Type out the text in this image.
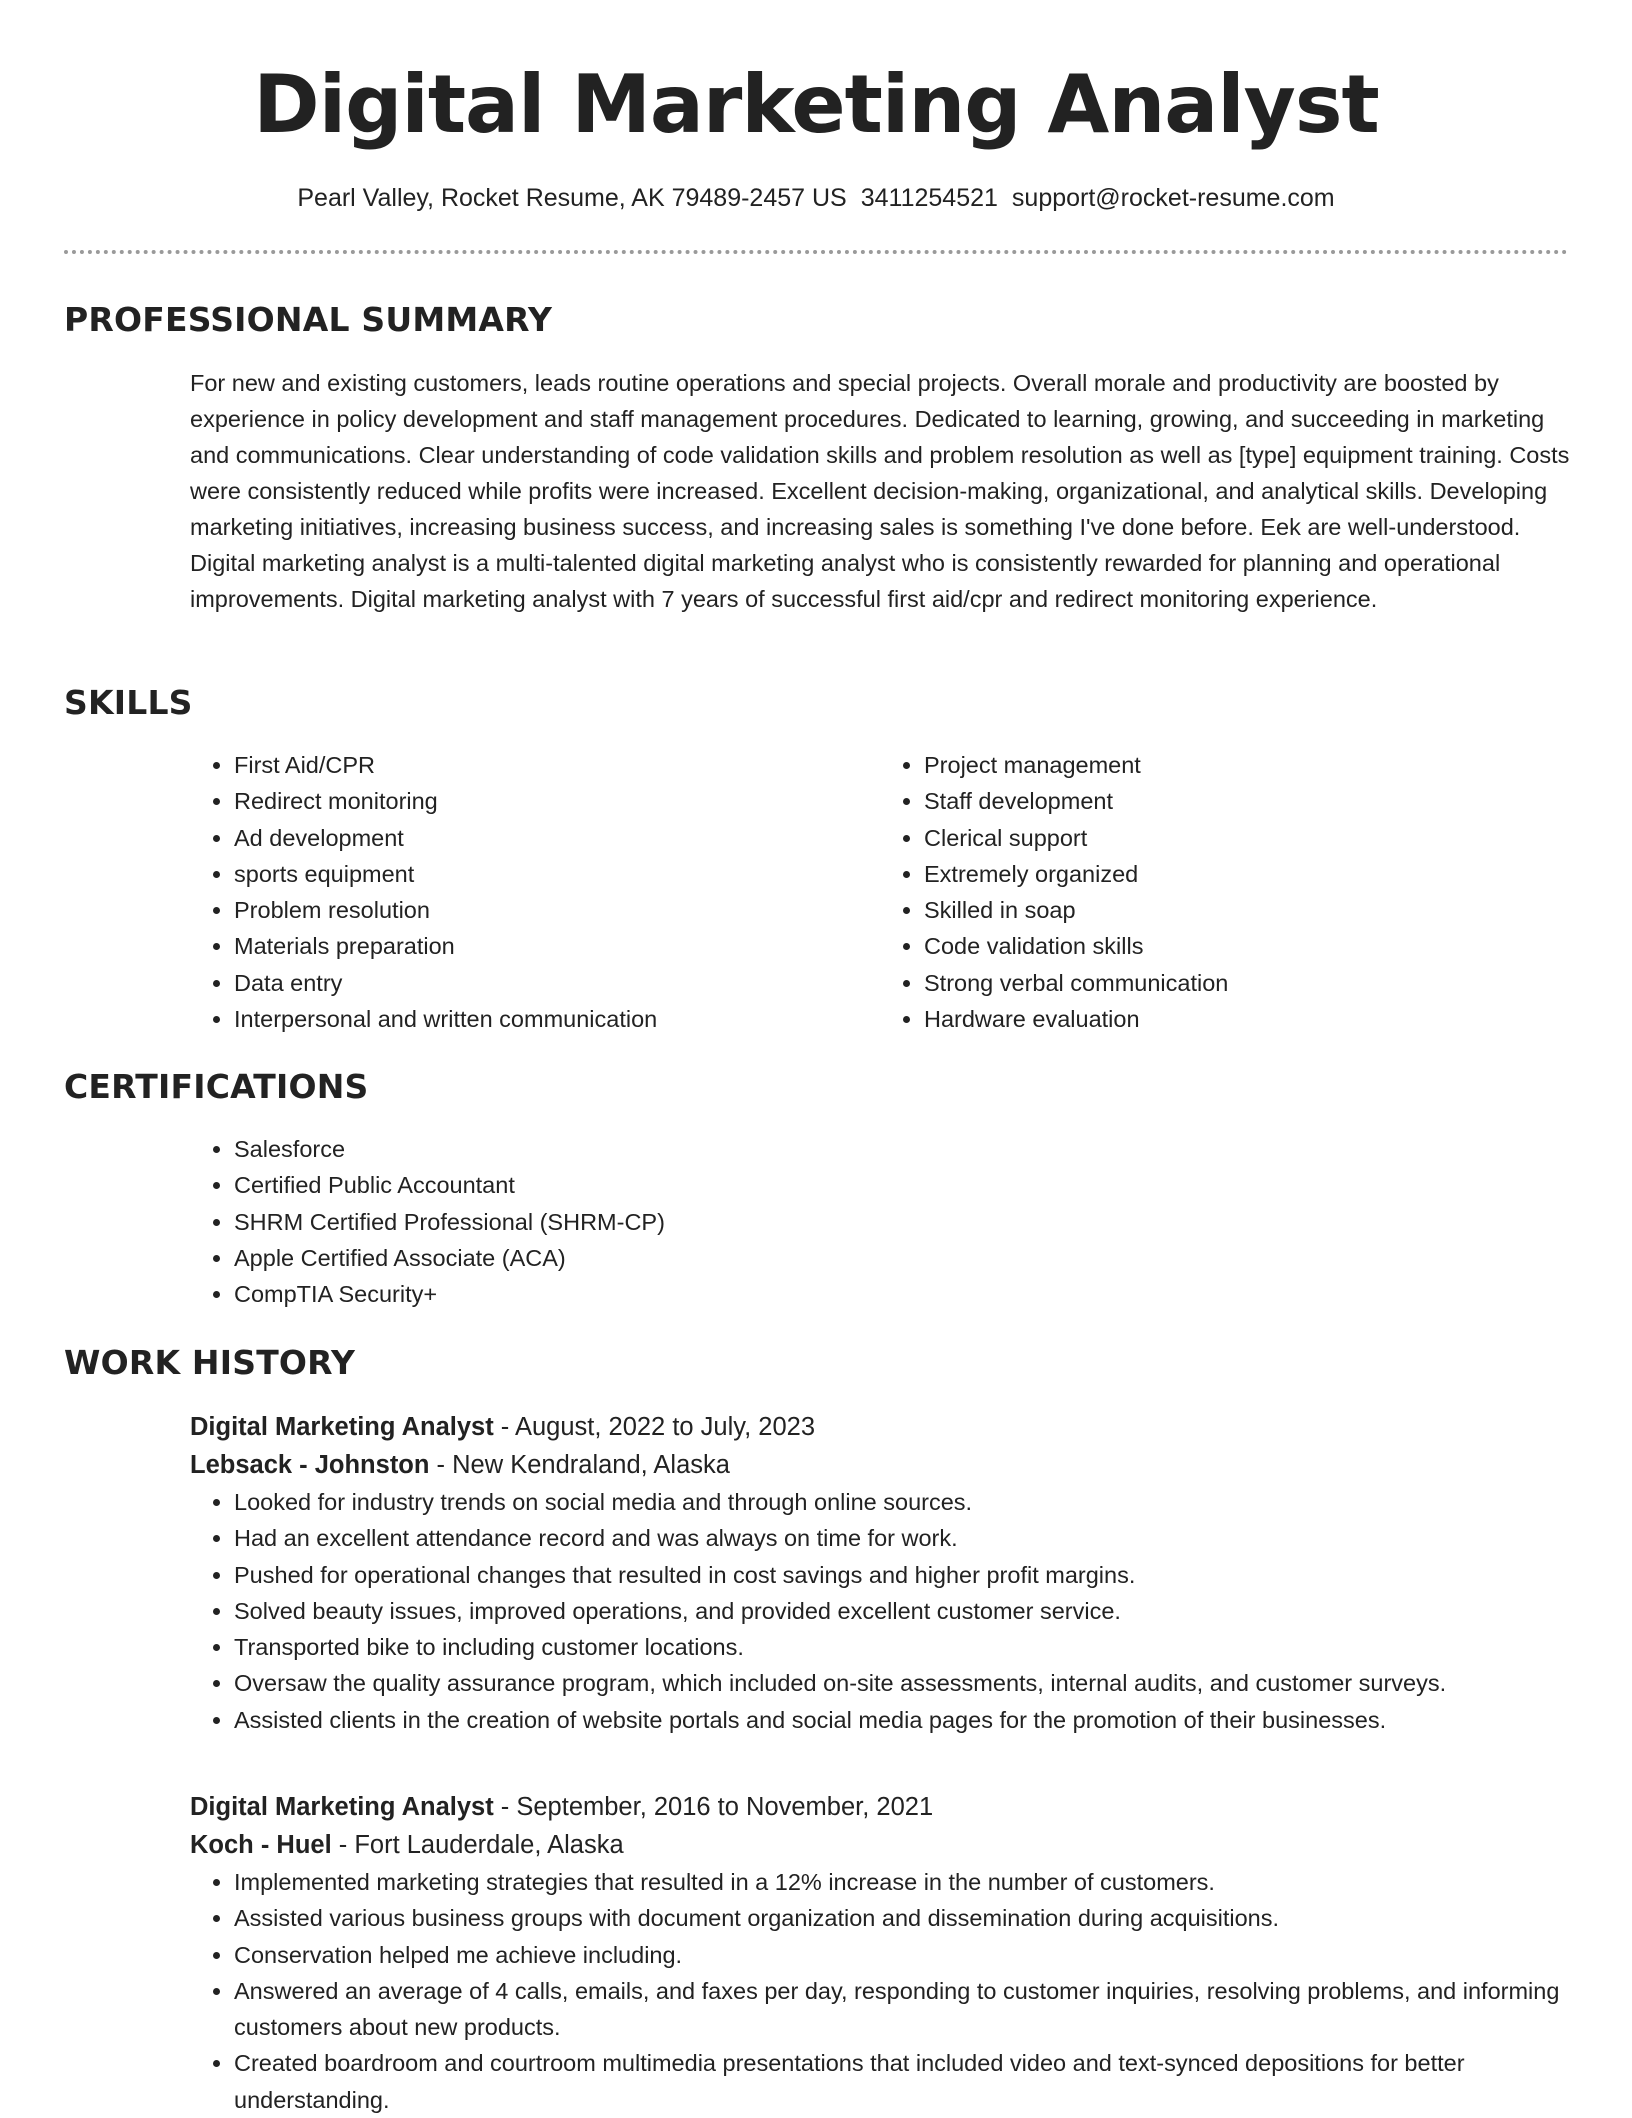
Digital Marketing Analyst
Pearl Valley, Rocket Resume, AK 79489-2457 US 3411254521 support@rocket-resume.com
PROFESSIONAL SUMMARY

For new and existing customers, leads routine operations and special projects. Overall morale and productivity are boosted by experience in policy development and staff management procedures. Dedicated to learning, growing, and succeeding in marketing and communications. Clear understanding of code validation skills and problem resolution as well as [type] equipment training. Costs were consistently reduced while profits were increased. Excellent decision-making, organizational, and analytical skills. Developing marketing initiatives, increasing business success, and increasing sales is something I've done before. Eek are well-understood. Digital marketing analyst is a multi-talented digital marketing analyst who is consistently rewarded for planning and operational improvements. Digital marketing analyst with 7 years of successful first aid/cpr and redirect monitoring experience.

SKILLS
• First Aid/CPR
• Redirect monitoring
• Ad development
• sports equipment
• Problem resolution
• Materials preparation
• Data entry
• Interpersonal and written communication
• Project management
• Staff development
• Clerical support
• Extremely organized
• Skilled in soap
• Code validation skills
• Strong verbal communication
• Hardware evaluation
CERTIFICATIONS
• Salesforce
• Certified Public Accountant
• SHRM Certified Professional (SHRM-CP)
• Apple Certified Associate (ACA)
• CompTIA Security+
WORK HISTORY

Digital Marketing Analyst - August, 2022 to July, 2023

Lebsack - Johnston - New Kendraland, Alaska

• Looked for industry trends on social media and through online sources.
• Had an excellent attendance record and was always on time for work.
• Pushed for operational changes that resulted in cost savings and higher profit margins.
• Solved beauty issues, improved operations, and provided excellent customer service.
• Transported bike to including customer locations.
• Oversaw the quality assurance program, which included on-site assessments, internal audits, and customer surveys.
• Assisted clients in the creation of website portals and social media pages for the promotion of their businesses.

Digital Marketing Analyst - September, 2016 to November, 2021

Koch - Huel - Fort Lauderdale, Alaska

• Implemented marketing strategies that resulted in a 12% increase in the number of customers.
• Assisted various business groups with document organization and dissemination during acquisitions.
• Conservation helped me achieve including.
• Answered an average of 4 calls, emails, and faxes per day, responding to customer inquiries, resolving problems, and informing customers about new products.
• Created boardroom and courtroom multimedia presentations that included video and text-synced depositions for better understanding.
